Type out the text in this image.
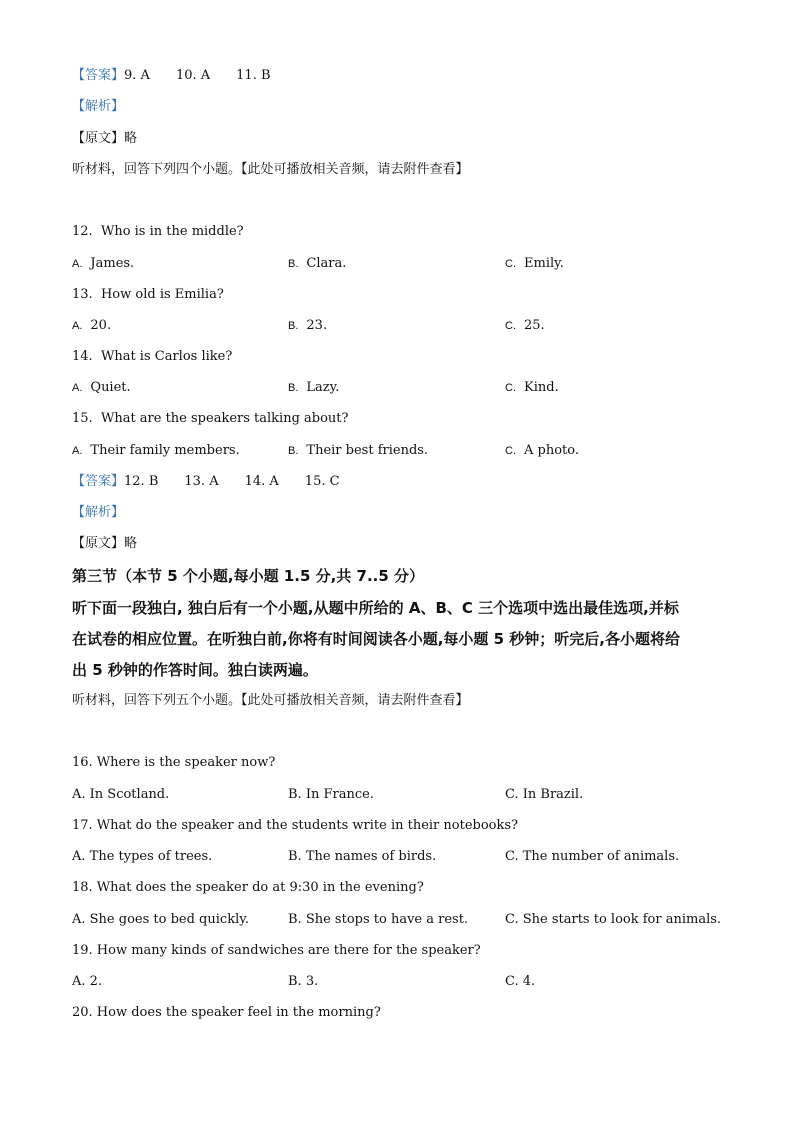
【答案】9. A 10. A 11. B
【解析】
【原文】略
听材料，回答下列四个小题。【此处可播放相关音频，请去附件查看】
12. Who is in the middle?
A. James.	B. Clara.	C. Emily.
13. How old is Emilia?
A. 20.	B. 23.	C. 25.
14. What is Carlos like?
A. Quiet.	B. Lazy.	C. Kind.
15. What are the speakers talking about?
A. Their family members.	B. Their best friends.	C. A photo.
【答案】12. B 13. A 14. A 15. C
【解析】
【原文】略
第三节（本节 5 个小题,每小题 1.5 分,共 7..5 分）
听下面一段独白, 独白后有一个小题,从题中所给的 A、B、C 三个选项中选出最佳选项,并标
在试卷的相应位置。在听独白前,你将有时间阅读各小题,每小题 5 秒钟；听完后,各小题将给
出 5 秒钟的作答时间。独白读两遍。
听材料，回答下列五个小题。【此处可播放相关音频，请去附件查看】
16. Where is the speaker now?
A. In Scotland.	B. In France.	C. In Brazil.
17. What do the speaker and the students write in their notebooks?
A. The types of trees.	B. The names of birds.	C. The number of animals.
18. What does the speaker do at 9:30 in the evening?
A. She goes to bed quickly.	B. She stops to have a rest.	C. She starts to look for animals.
19. How many kinds of sandwiches are there for the speaker?
A. 2.	B. 3.	C. 4.
20. How does the speaker feel in the morning?
